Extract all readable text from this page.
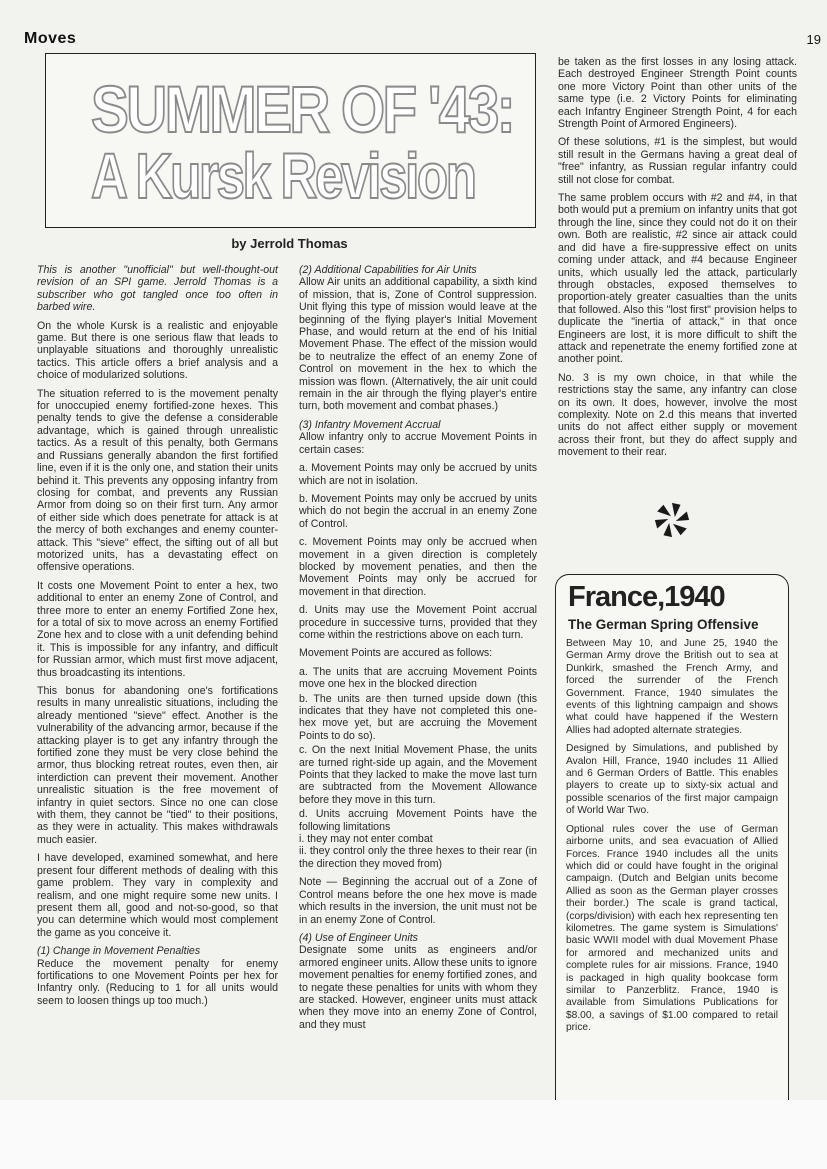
Moves	19
SUMMER OF '43:
A Kursk Revision
by Jerrold Thomas

This is another "unofficial" but well-thought-out revision of an SPI game. Jerrold Thomas is a subscriber who got tangled once too often in barbed wire.

On the whole Kursk is a realistic and enjoyable game. But there is one serious flaw that leads to unplayable situations and thoroughly unrealistic tactics. This article offers a brief analysis and a choice of modularized solutions.

The situation referred to is the movement penalty for unoccupied enemy fortified-zone hexes. This penalty tends to give the defense a considerable advantage, which is gained through unrealistic tactics. As a result of this penalty, both Germans and Russians generally abandon the first fortified line, even if it is the only one, and station their units behind it. This prevents any opposing infantry from closing for combat, and prevents any Russian Armor from doing so on their first turn. Any armor of either side which does penetrate for attack is at the mercy of both exchanges and enemy counter-attack. This "sieve" effect, the sifting out of all but motorized units, has a devastating effect on offensive operations.

It costs one Movement Point to enter a hex, two additional to enter an enemy Zone of Control, and three more to enter an enemy Fortified Zone hex, for a total of six to move across an enemy Fortified Zone hex and to close with a unit defending behind it. This is impossible for any infantry, and difficult for Russian armor, which must first move adjacent, thus broadcasting its intentions.

This bonus for abandoning one's fortifications results in many unrealistic situations, including the already mentioned "sieve" effect. Another is the vulnerability of the advancing armor, because if the attacking player is to get any infantry through the fortified zone they must be very close behind the armor, thus blocking retreat routes, even then, air interdiction can prevent their movement. Another unrealistic situation is the free movement of infantry in quiet sectors. Since no one can close with them, they cannot be "tied" to their positions, as they were in actuality. This makes withdrawals much easier.

I have developed, examined somewhat, and here present four different methods of dealing with this game problem. They vary in complexity and realism, and one might require some new units. I present them all, good and not-so-good, so that you can determine which would most complement the game as you conceive it.

(1) Change in Movement Penalties

Reduce the movement penalty for enemy fortifications to one Movement Points per hex for Infantry only. (Reducing to 1 for all units would seem to loosen things up too much.)

(2) Additional Capabilities for Air Units

Allow Air units an additional capability, a sixth kind of mission, that is, Zone of Control suppression. Unit flying this type of mission would leave at the beginning of the flying player's Initial Movement Phase, and would return at the end of his Initial Movement Phase. The effect of the mission would be to neutralize the effect of an enemy Zone of Control on movement in the hex to which the mission was flown. (Alternatively, the air unit could remain in the air through the flying player's entire turn, both movement and combat phases.)

(3) Infantry Movement Accrual

Allow infantry only to accrue Movement Points in certain cases:

a. Movement Points may only be accrued by units which are not in isolation.

b. Movement Points may only be accrued by units which do not begin the accrual in an enemy Zone of Control.

c. Movement Points may only be accrued when movement in a given direction is completely blocked by movement penaties, and then the Movement Points may only be accrued for movement in that direction.

d. Units may use the Movement Point accrual procedure in successive turns, provided that they come within the restrictions above on each turn.

Movement Points are accured as follows:

a. The units that are accruing Movement Points move one hex in the blocked direction

b. The units are then turned upside down (this indicates that they have not completed this one-hex move yet, but are accruing the Movement Points to do so).

c. On the next Initial Movement Phase, the units are turned right-side up again, and the Movement Points that they lacked to make the move last turn are subtracted from the Movement Allowance before they move in this turn.

d. Units accruing Movement Points have the following limitations

i. they may not enter combat

ii. they control only the three hexes to their rear (in the direction they moved from)

Note — Beginning the accrual out of a Zone of Control means before the one hex move is made which results in the inversion, the unit must not be in an enemy Zone of Control.

(4) Use of Engineer Units

Designate some units as engineers and/or armored engineer units. Allow these units to ignore movement penalties for enemy fortified zones, and to negate these penalties for units with whom they are stacked. However, engineer units must attack when they move into an enemy Zone of Control, and they must

be taken as the first losses in any losing attack. Each destroyed Engineer Strength Point counts one more Victory Point than other units of the same type (i.e. 2 Victory Points for eliminating each Infantry Engineer Strength Point, 4 for each Strength Point of Armored Engineers).

Of these solutions, #1 is the simplest, but would still result in the Germans having a great deal of "free" infantry, as Russian regular infantry could still not close for combat.

The same problem occurs with #2 and #4, in that both would put a premium on infantry units that got through the line, since they could not do it on their own. Both are realistic, #2 since air attack could and did have a fire-suppressive effect on units coming under attack, and #4 because Engineer units, which usually led the attack, particularly through obstacles, exposed themselves to proportion-ately greater casualties than the units that followed. Also this "lost first" provision helps to duplicate the "inertia of attack," in that once Engineers are lost, it is more difficult to shift the attack and repenetrate the enemy fortified zone at another point.

No. 3 is my own choice, in that while the restrictions stay the same, any infantry can close on its own. It does, however, involve the most complexity. Note on 2.d this means that inverted units do not affect either supply or movement across their front, but they do affect supply and movement to their rear.

France,1940
The German Spring Offensive

Between May 10, and June 25, 1940 the German Army drove the British out to sea at Dunkirk, smashed the French Army, and forced the surrender of the French Government. France, 1940 simulates the events of this lightning campaign and shows what could have happened if the Western Allies had adopted alternate strategies.

Designed by Simulations, and published by Avalon Hill, France, 1940 includes 11 Allied and 6 German Orders of Battle. This enables players to create up to sixty-six actual and possible scenarios of the first major campaign of World War Two.

Optional rules cover the use of German airborne units, and sea evacuation of Allied Forces. France 1940 includes all the units which did or could have fought in the original campaign. (Dutch and Belgian units become Allied as soon as the German player crosses their border.) The scale is grand tactical, (corps/division) with each hex representing ten kilometres. The game system is Simulations' basic WWII model with dual Movement Phase for armored and mechanized units and complete rules for air missions. France, 1940 is packaged in high quality bookcase form similar to Panzerblitz. France, 1940 is available from Simulations Publications for $8.00, a savings of $1.00 compared to retail price.
